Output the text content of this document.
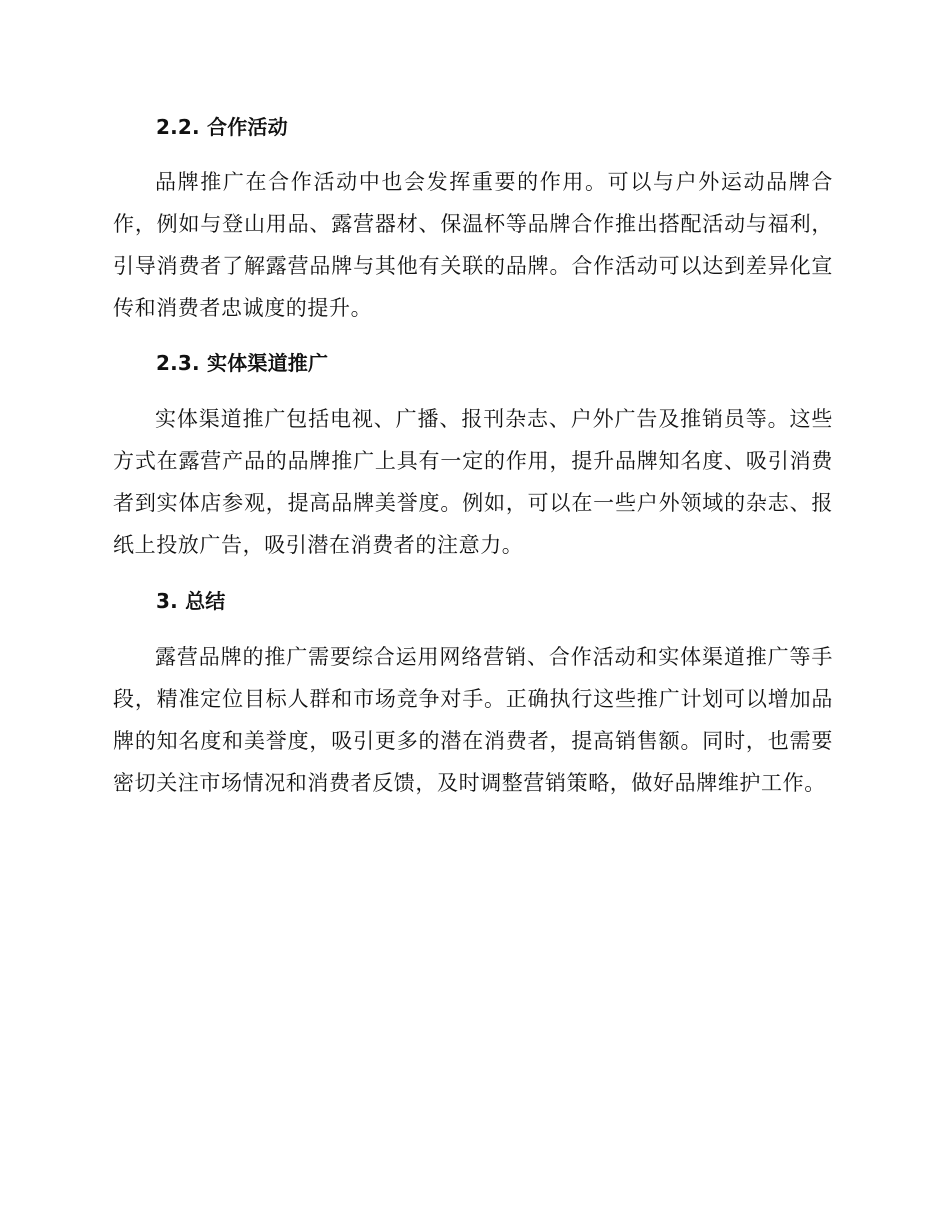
2.2. 合作活动
品牌推广在合作活动中也会发挥重要的作用。可以与户外运动品牌合作，例如与登山用品、露营器材、保温杯等品牌合作推出搭配活动与福利，引导消费者了解露营品牌与其他有关联的品牌。合作活动可以达到差异化宣传和消费者忠诚度的提升。
2.3. 实体渠道推广
实体渠道推广包括电视、广播、报刊杂志、户外广告及推销员等。这些方式在露营产品的品牌推广上具有一定的作用，提升品牌知名度、吸引消费者到实体店参观，提高品牌美誉度。例如，可以在一些户外领域的杂志、报纸上投放广告，吸引潜在消费者的注意力。
3. 总结
露营品牌的推广需要综合运用网络营销、合作活动和实体渠道推广等手段，精准定位目标人群和市场竞争对手。正确执行这些推广计划可以增加品牌的知名度和美誉度，吸引更多的潜在消费者，提高销售额。同时，也需要密切关注市场情况和消费者反馈，及时调整营销策略，做好品牌维护工作。
